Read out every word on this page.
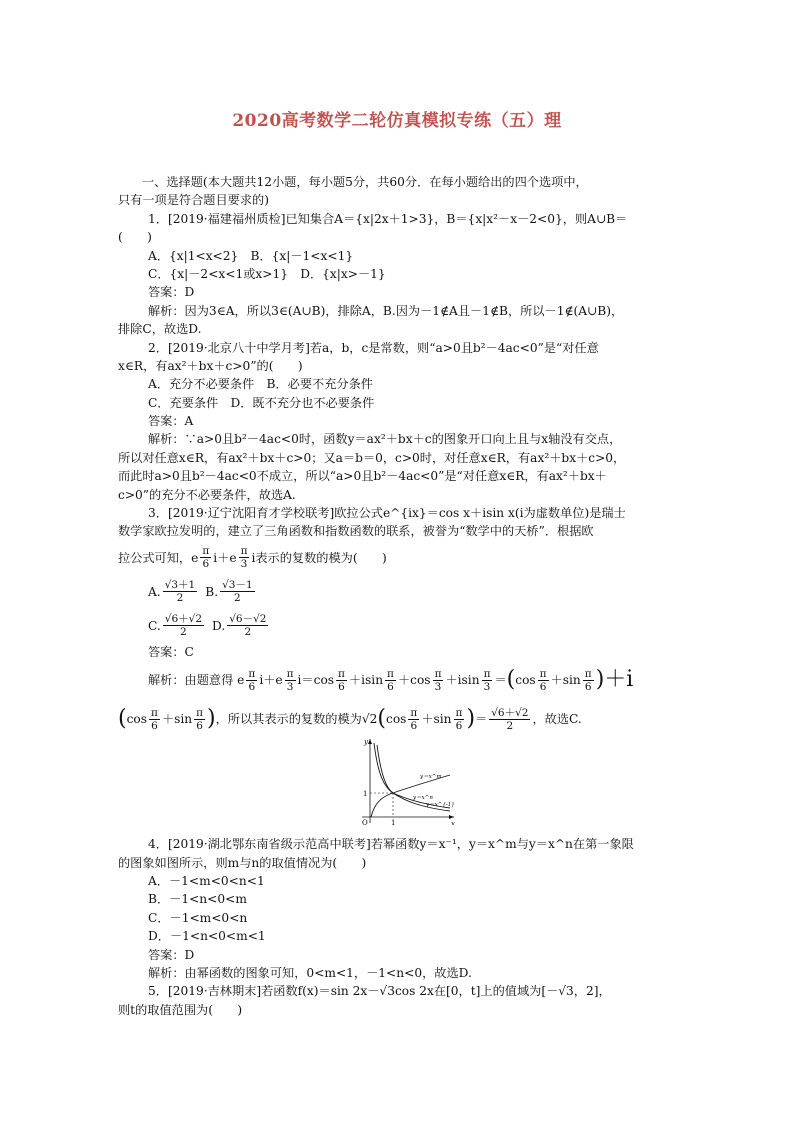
2020高考数学二轮仿真模拟专练（五）理
一、选择题(本大题共12小题，每小题5分，共60分．在每小题给出的四个选项中，
只有一项是符合题目要求的)
1．[2019·福建福州质检]已知集合A＝{x|2x＋1>3}，B＝{x|x²－x－2<0}，则A∪B＝
(　　)
A．{x|1<x<2}　B．{x|－1<x<1}
C．{x|－2<x<1或x>1}　D．{x|x>－1}
答案：D
解析：因为3∈A，所以3∈(A∪B)，排除A，B.因为－1∉A且－1∉B，所以－1∉(A∪B)，
排除C，故选D.
2．[2019·北京八十中学月考]若a，b，c是常数，则“a>0且b²－4ac<0”是“对任意
x∈R，有ax²＋bx＋c>0”的(　　)
A．充分不必要条件　B．必要不充分条件
C．充要条件　D．既不充分也不必要条件
答案：A
解析：∵a>0且b²－4ac<0时，函数y＝ax²＋bx＋c的图象开口向上且与x轴没有交点，
所以对任意x∈R，有ax²＋bx＋c>0；又a＝b＝0，c>0时，对任意x∈R，有ax²＋bx＋c>0，
而此时a>0且b²－4ac<0不成立，所以“a>0且b²－4ac<0”是“对任意x∈R，有ax²＋bx＋
c>0”的充分不必要条件，故选A.
3．[2019·辽宁沈阳育才学校联考]欧拉公式e^{ix}＝cos x＋isin x(i为虚数单位)是瑞士
数学家欧拉发明的，建立了三角函数和指数函数的联系，被誉为“数学中的天桥”．根据欧
拉公式可知，e $\frac{\pi}{6} i+e \frac{\pi}{3}$ i表示的复数的模为(　　)
A. $\frac{√3+1}{2} B$. $\frac{√3-1}{2}$
C. $\frac{√6+√2}{2} D$. $\frac{√6-√2}{2}$
答案：C
解析：由题意得 e $\frac{\pi}{6} i+e \frac{\pi}{3} i=\cos \frac{\pi}{6} +isin \frac{\pi}{6} +\cos \frac{\pi}{3} +isin \frac{\pi}{3}$ ＝ ( $\cos \frac{\pi}{6} +\sin \frac{\pi}{6} )+i$
( $\cos \frac{\pi}{6} +\sin \frac{\pi}{6}$ ) ，所以其表示的复数的模为√2 ( $\cos \frac{\pi}{6} +\sin \frac{\pi}{6}$ ) ＝ $\frac{√6+√2}{2}$ ，故选C.
4．[2019·湖北鄂东南省级示范高中联考]若幂函数y＝x⁻¹，y＝x^m与y＝x^n在第一象限
的图象如图所示，则m与n的取值情况为(　　)
A．－1<m<0<n<1
B．－1<n<0<m
C．－1<m<0<n
D．－1<n<0<m<1
答案：D
解析：由幂函数的图象可知，0<m<1，－1<n<0，故选D.
5．[2019·吉林期末]若函数f(x)＝sin 2x－√3cos 2x在[0，t]上的值域为[－√3，2]，
则t的取值范围为(　　)
y
x
O
1
1
y＝x^m
y＝x^n
y＝x^{-1}
